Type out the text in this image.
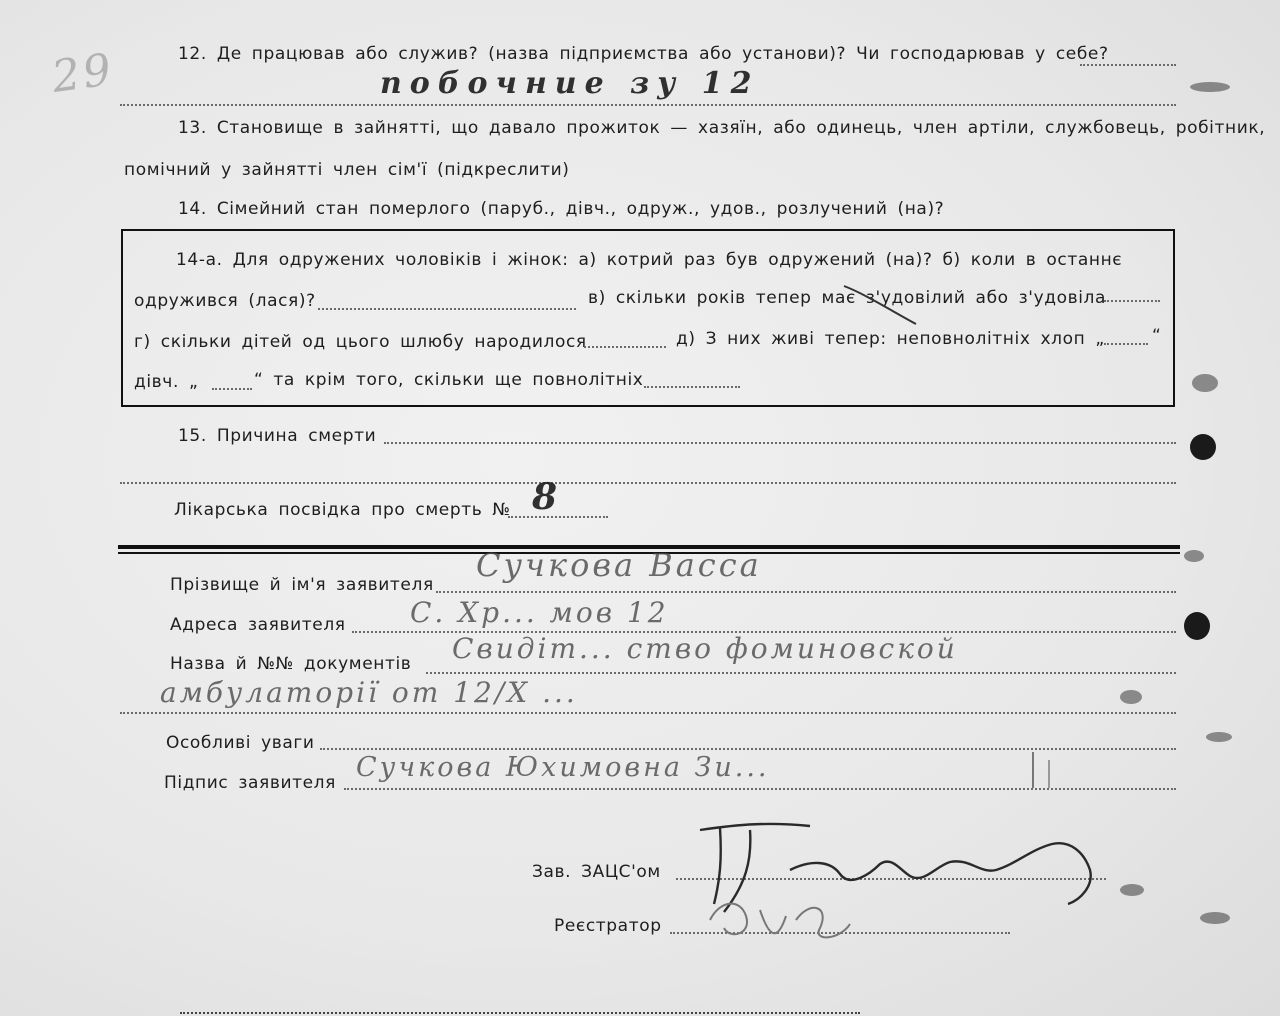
29	12. Де працював або служив? (назва підприємства або установи)? Чи господарював у себе?
побочние зу 12
13. Становище в зайнятті, що давало прожиток — хазяїн, або одинець, член артіли, службовець, робітник,
помічний у зайнятті член сім'ї (підкреслити)
14. Сімейний стан померлого (паруб., дівч., одруж., удов., розлучений (на)?
14-а. Для одружених чоловіків і жінок: а) котрий раз був одружений (на)? б) коли в останнє
одружився (лася)?	в) скільки років тепер має з'удовілий або з'удовіла
г) скільки дітей од цього шлюбу народилося	д) З них живі тепер: неповнолітніх хлоп „	“
дівч. „	“ та крім того, скільки ще повнолітніх
15. Причина смерти
Лікарська посвідка про смерть № 8
Прізвище й ім'я заявителя
Сучкова Васса
Адреса заявителя С. Хр... мов 12
Назва й №№ документів Свидіт... ство фоминовской
амбулаторії от 12/X ...
Особливі уваги
Підпис заявителя Сучкова Юхимовна Зи...
Зав. ЗАЦС'ом
Реєстратор
